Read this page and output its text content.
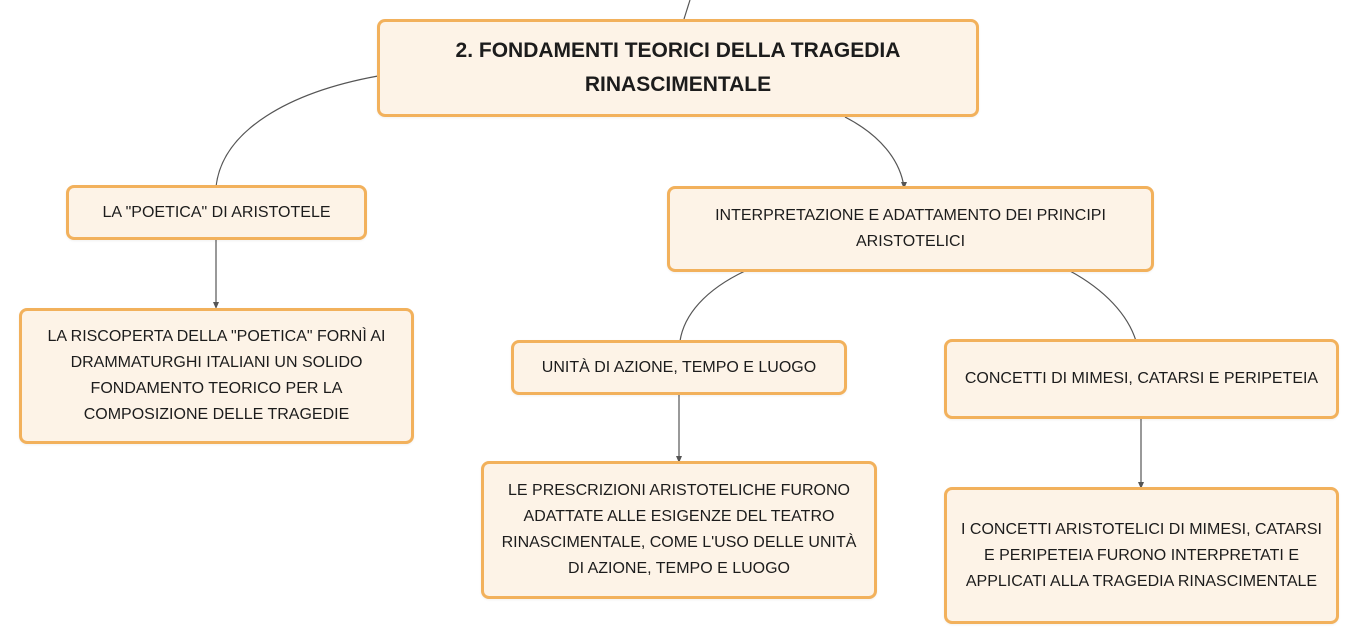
2. FONDAMENTI TEORICI DELLA TRAGEDIA RINASCIMENTALE
LA "POETICA" DI ARISTOTELE
LA RISCOPERTA DELLA "POETICA" FORNÌ AI DRAMMATURGHI ITALIANI UN SOLIDO FONDAMENTO TEORICO PER LA COMPOSIZIONE DELLE TRAGEDIE
INTERPRETAZIONE E ADATTAMENTO DEI PRINCIPI ARISTOTELICI
UNITÀ DI AZIONE, TEMPO E LUOGO
LE PRESCRIZIONI ARISTOTELICHE FURONO ADATTATE ALLE ESIGENZE DEL TEATRO RINASCIMENTALE, COME L'USO DELLE UNITÀ DI AZIONE, TEMPO E LUOGO
CONCETTI DI MIMESI, CATARSI E PERIPETEIA
I CONCETTI ARISTOTELICI DI MIMESI, CATARSI E PERIPETEIA FURONO INTERPRETATI E APPLICATI ALLA TRAGEDIA RINASCIMENTALE
